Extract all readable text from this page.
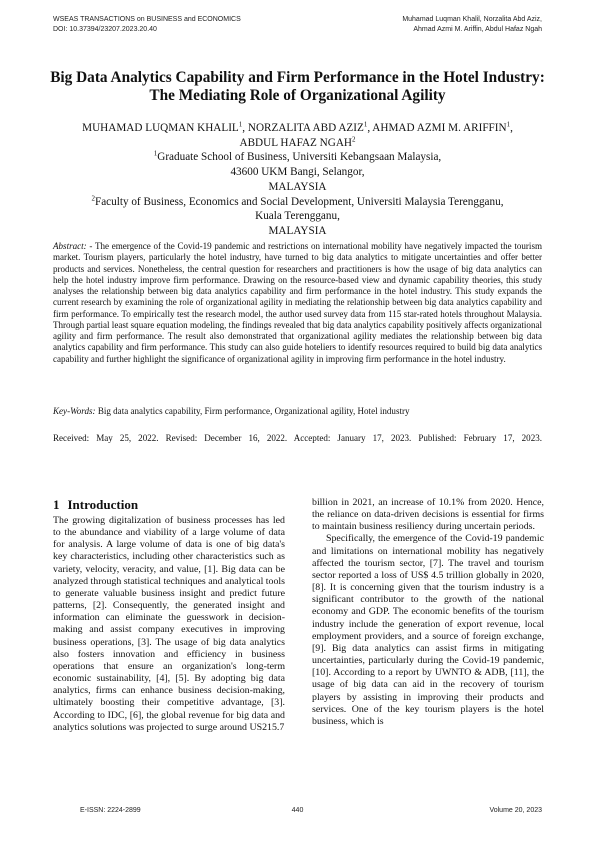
WSEAS TRANSACTIONS on BUSINESS and ECONOMICS
DOI: 10.37394/23207.2023.20.40
Muhamad Luqman Khalil, Norzalita Abd Aziz,
Ahmad Azmi M. Ariffin, Abdul Hafaz Ngah
Big Data Analytics Capability and Firm Performance in the Hotel Industry: The Mediating Role of Organizational Agility
MUHAMAD LUQMAN KHALIL$^1$, NORZALITA ABD AZIZ$^1$, AHMAD AZMI M. ARIFFIN$^1$,
ABDUL HAFAZ NGAH$^2$
$^1$Graduate School of Business, Universiti Kebangsaan Malaysia,
43600 UKM Bangi, Selangor,
MALAYSIA
$^2$Faculty of Business, Economics and Social Development, Universiti Malaysia Terengganu,
Kuala Terengganu,
MALAYSIA

Abstract: - The emergence of the Covid-19 pandemic and restrictions on international mobility have negatively impacted the tourism market. Tourism players, particularly the hotel industry, have turned to big data analytics to mitigate uncertainties and offer better products and services. Nonetheless, the central question for researchers and practitioners is how the usage of big data analytics can help the hotel industry improve firm performance. Drawing on the resource-based view and dynamic capability theories, this study analyses the relationship between big data analytics capability and firm performance in the hotel industry. This study expands the current research by examining the role of organizational agility in mediating the relationship between big data analytics capability and firm performance. To empirically test the research model, the author used survey data from 115 star-rated hotels throughout Malaysia. Through partial least square equation modeling, the findings revealed that big data analytics capability positively affects organizational agility and firm performance. The result also demonstrated that organizational agility mediates the relationship between big data analytics capability and firm performance. This study can also guide hoteliers to identify resources required to build big data analytics capability and further highlight the significance of organizational agility in improving firm performance in the hotel industry.

Key-Words: Big data analytics capability, Firm performance, Organizational agility, Hotel industry

Received: May 25, 2022. Revised: December 16, 2022. Accepted: January 17, 2023. Published: February 17, 2023.

1 Introduction

The growing digitalization of business processes has led to the abundance and viability of a large volume of data for analysis. A large volume of data is one of big data's key characteristics, including other characteristics such as variety, velocity, veracity, and value, [1]. Big data can be analyzed through statistical techniques and analytical tools to generate valuable business insight and predict future patterns, [2]. Consequently, the generated insight and information can eliminate the guesswork in decision-making and assist company executives in improving business operations, [3]. The usage of big data analytics also fosters innovation and efficiency in business operations that ensure an organization's long-term economic sustainability, [4], [5]. By adopting big data analytics, firms can enhance business decision-making, ultimately boosting their competitive advantage, [3]. According to IDC, [6], the global revenue for big data and analytics solutions was projected to surge around US215.7

billion in 2021, an increase of 10.1% from 2020. Hence, the reliance on data-driven decisions is essential for firms to maintain business resiliency during uncertain periods.

Specifically, the emergence of the Covid-19 pandemic and limitations on international mobility has negatively affected the tourism sector, [7]. The travel and tourism sector reported a loss of US$ 4.5 trillion globally in 2020, [8]. It is concerning given that the tourism industry is a significant contributor to the growth of the national economy and GDP. The economic benefits of the tourism industry include the generation of export revenue, local employment providers, and a source of foreign exchange, [9]. Big data analytics can assist firms in mitigating uncertainties, particularly during the Covid-19 pandemic, [10]. According to a report by UWNTO & ADB, [11], the usage of big data can aid in the recovery of tourism players by assisting in improving their products and services. One of the key tourism players is the hotel business, which is

E-ISSN: 2224-2899	440	Volume 20, 2023
